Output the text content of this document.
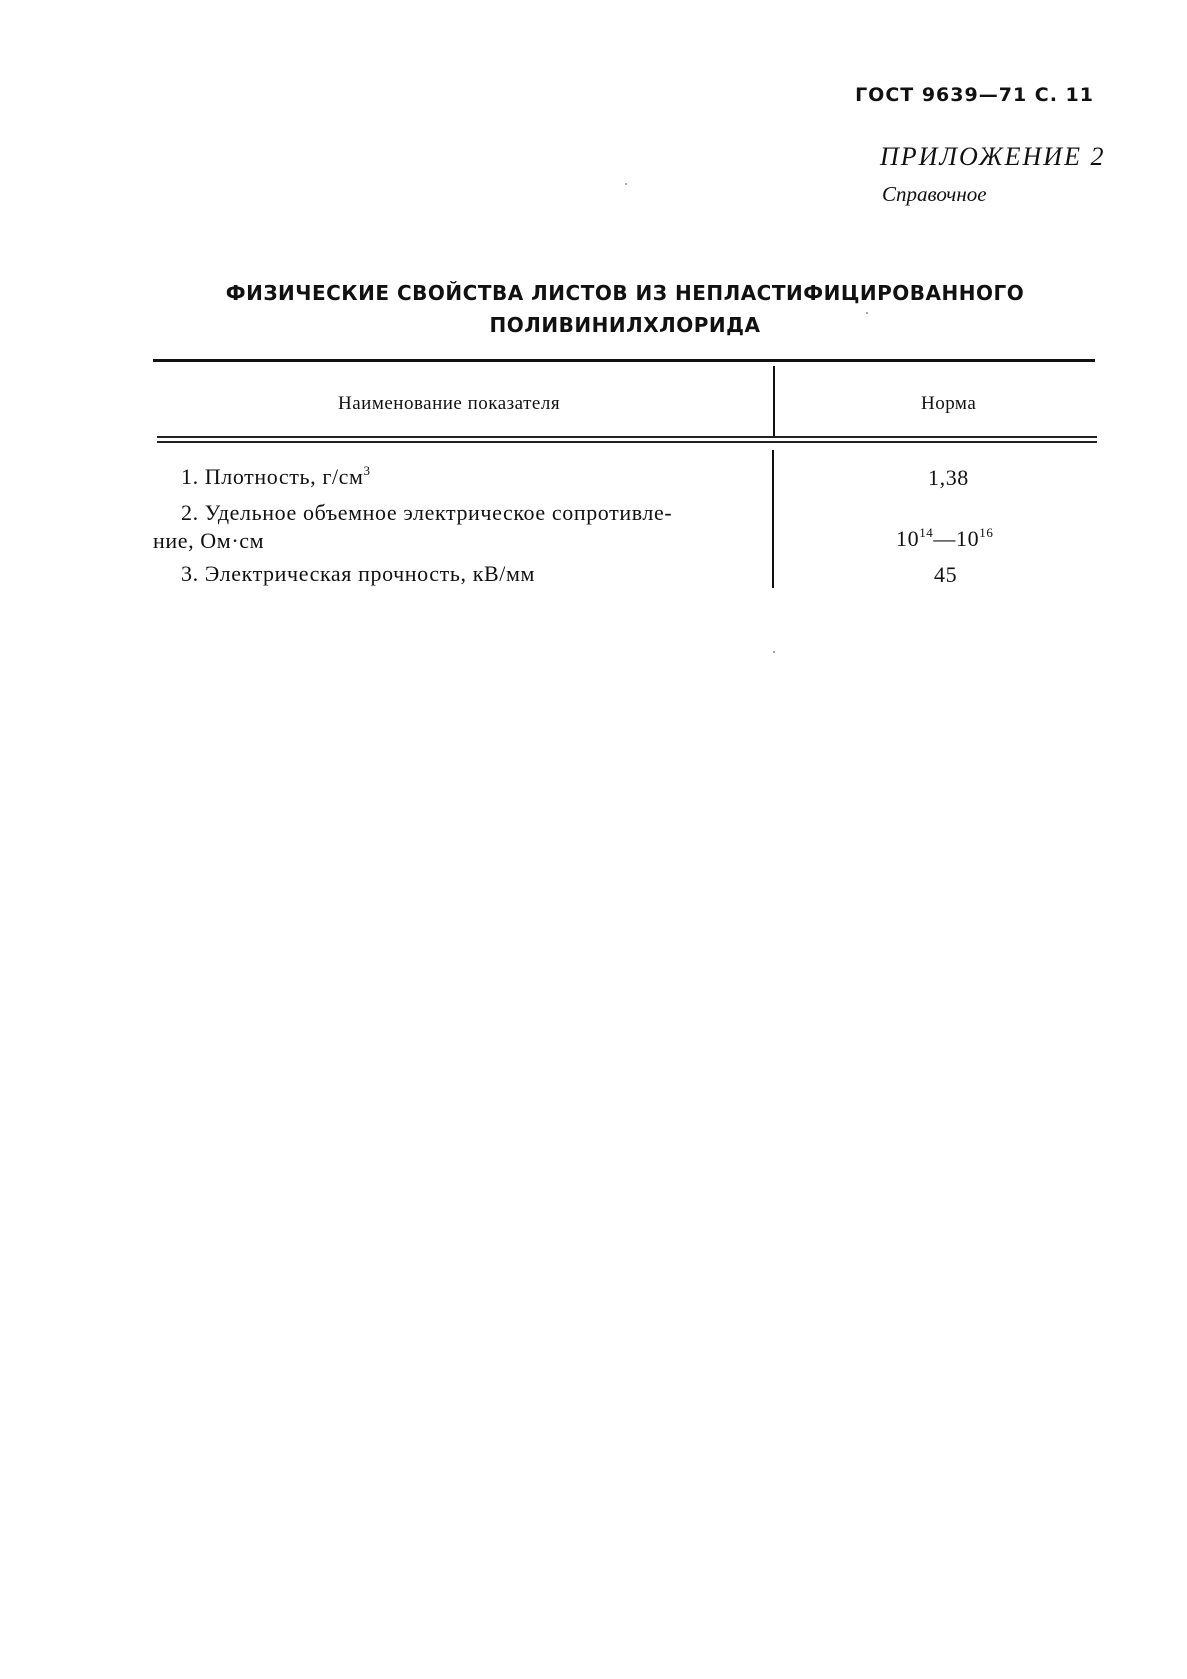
ГОСТ 9639—71 С. 11
ПРИЛОЖЕНИЕ 2
Справочное
ФИЗИЧЕСКИЕ СВОЙСТВА ЛИСТОВ ИЗ НЕПЛАСТИФИЦИРОВАННОГО
ПОЛИВИНИЛХЛОРИДА
Наименование показателя	Норма
1. Плотность, $г/см^3$	1,38
2. Удельное объемное электрическое сопротивле-
ние, Ом·см	$10^{14}—10^{16}$
3. Электрическая прочность, кВ/мм	45
